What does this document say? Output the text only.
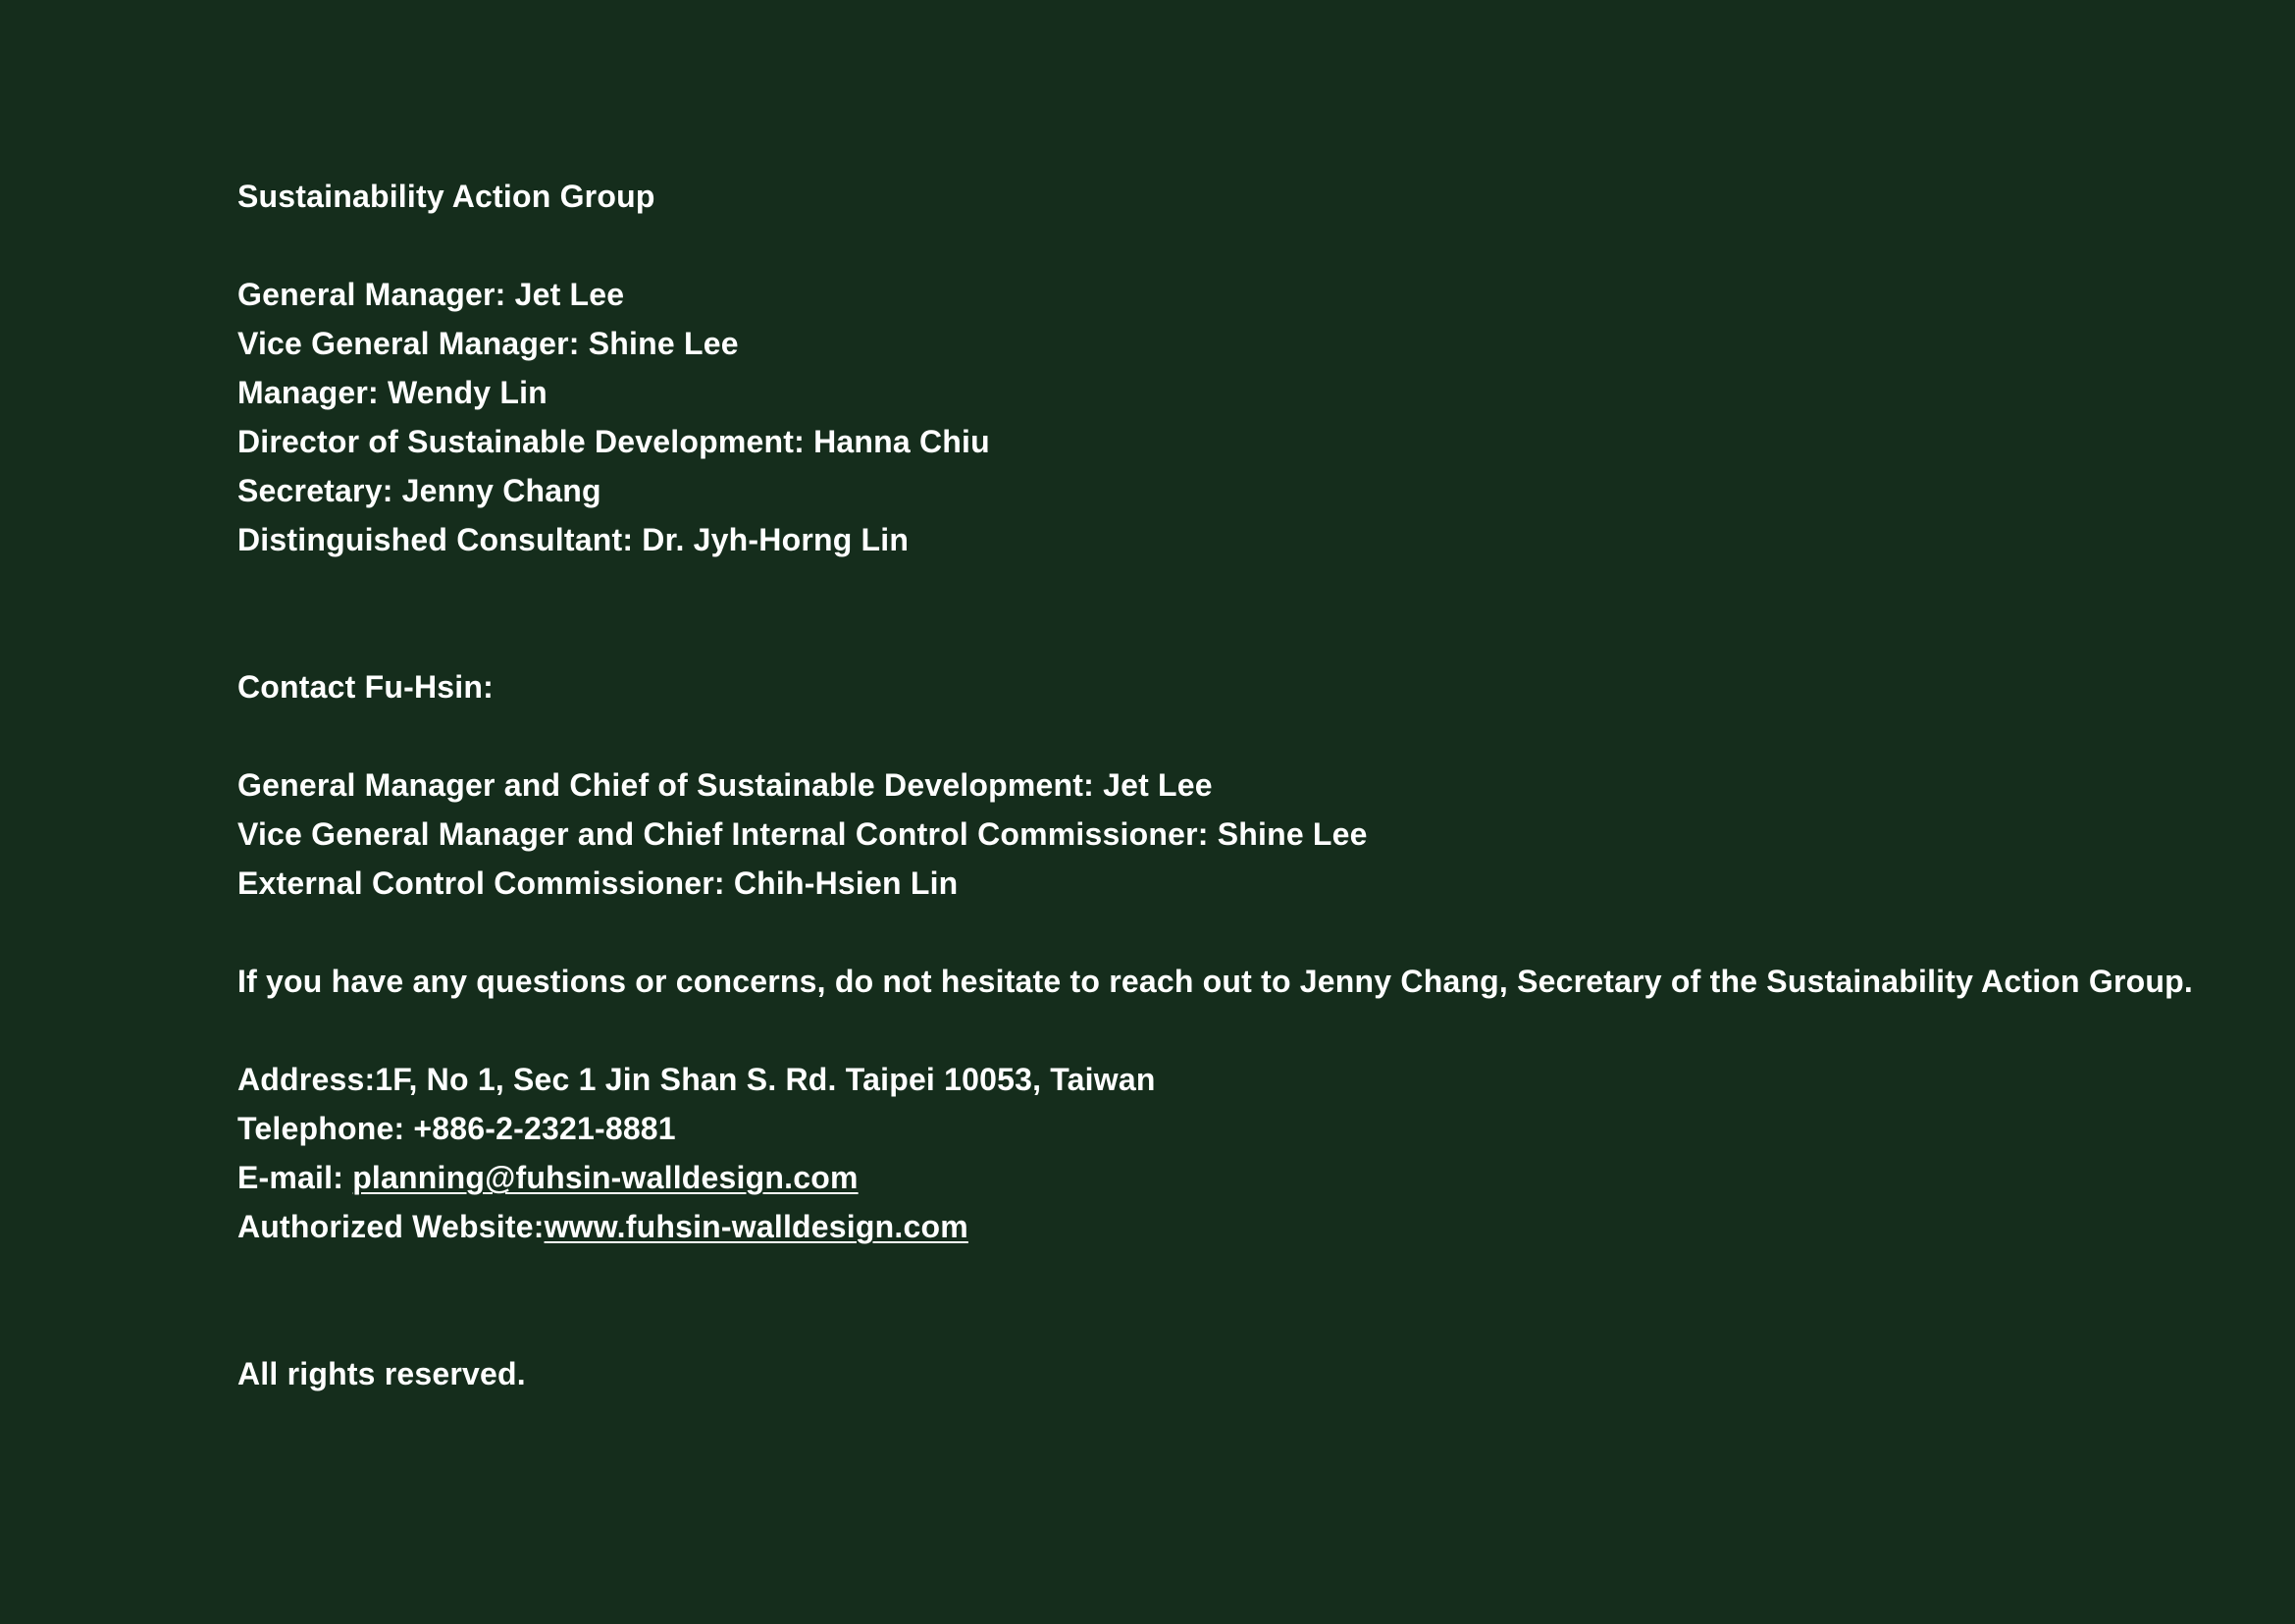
Sustainability Action Group
General Manager: Jet Lee
Vice General Manager: Shine Lee
Manager: Wendy Lin
Director of Sustainable Development: Hanna Chiu
Secretary: Jenny Chang
Distinguished Consultant: Dr. Jyh-Horng Lin
Contact Fu-Hsin:
General Manager and Chief of Sustainable Development: Jet Lee
Vice General Manager and Chief Internal Control Commissioner: Shine Lee
External Control Commissioner: Chih-Hsien Lin
If you have any questions or concerns, do not hesitate to reach out to Jenny Chang, Secretary of the Sustainability Action Group.
Address:1F, No 1, Sec 1 Jin Shan S. Rd. Taipei 10053, Taiwan
Telephone: +886-2-2321-8881
E-mail: planning@fuhsin-walldesign.com
Authorized Website:www.fuhsin-walldesign.com
All rights reserved.
